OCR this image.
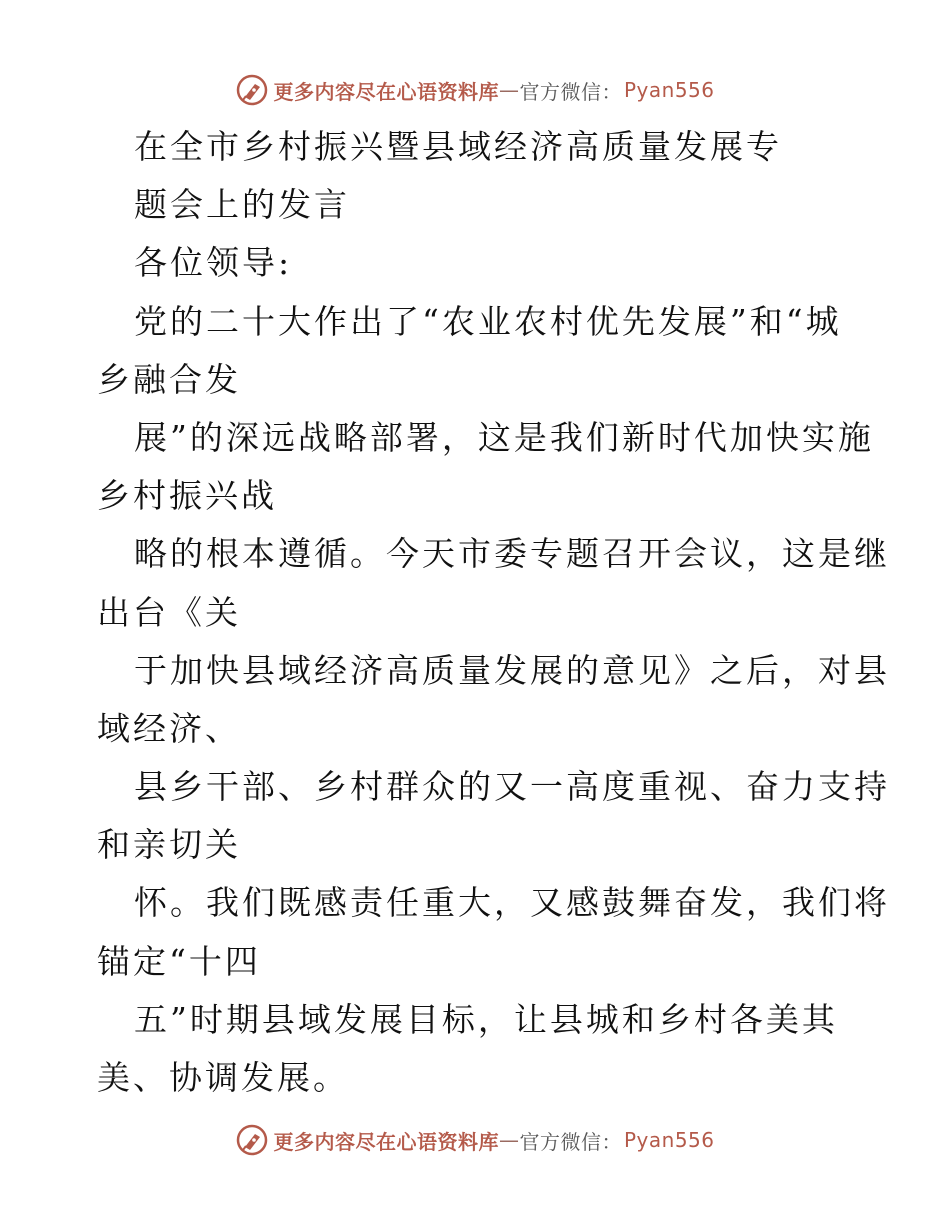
更多内容尽在心语资料库 — 官方微信： Pyan556
在全市乡村振兴暨县域经济高质量发展专
题会上的发言
各位领导:
党的二十大作出了“农业农村优先发展”和“城
乡融合发
展”的深远战略部署，这是我们新时代加快实施
乡村振兴战
略的根本遵循。今天市委专题召开会议，这是继
出台《关
于加快县域经济高质量发展的意见》之后，对县
域经济、
县乡干部、乡村群众的又一高度重视、奋力支持
和亲切关
怀。我们既感责任重大，又感鼓舞奋发，我们将
锚定“十四
五”时期县域发展目标，让县城和乡村各美其
美、协调发展。
更多内容尽在心语资料库 — 官方微信： Pyan556
